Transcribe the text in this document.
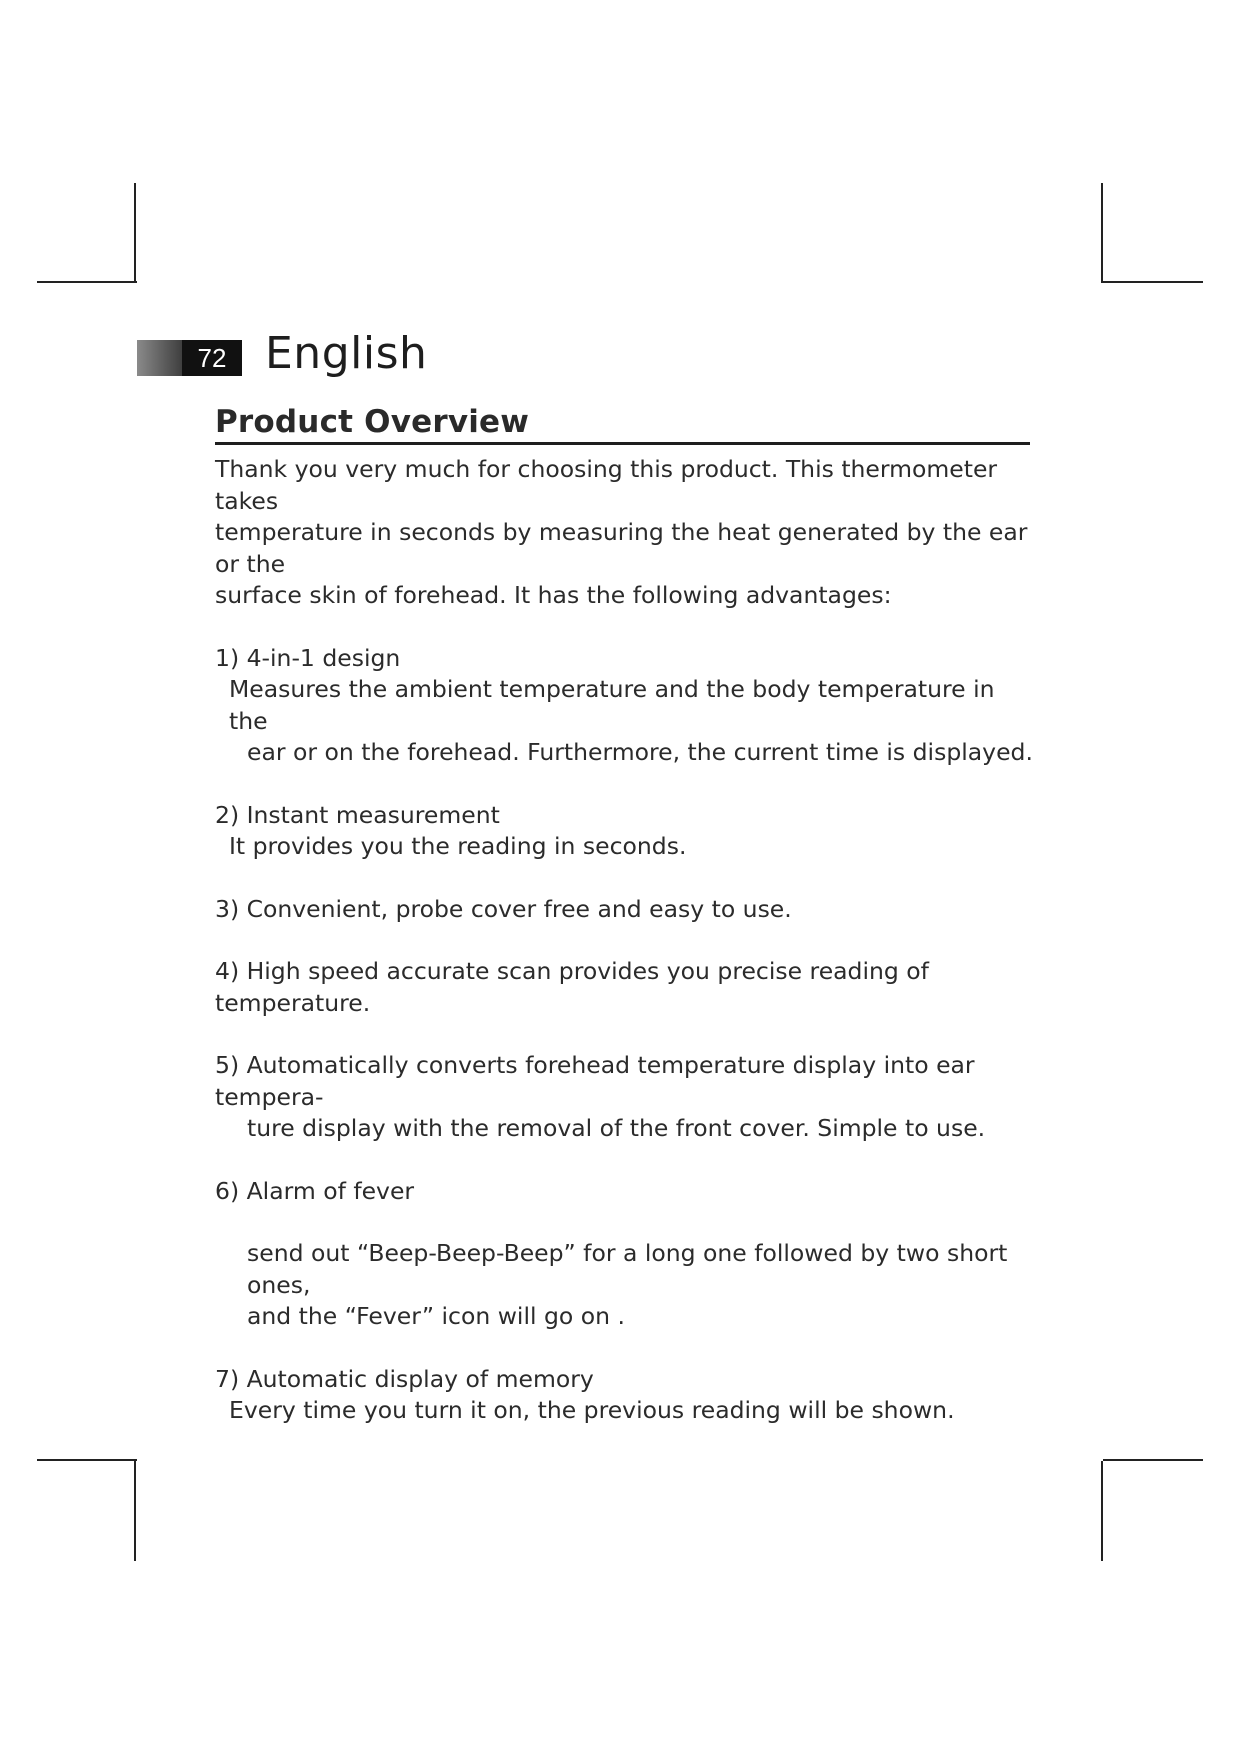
72 English
Product Overview

Thank you very much for choosing this product. This thermometer takes

temperature in seconds by measuring the heat generated by the ear or the

surface skin of forehead. It has the following advantages:

1) 4-in-1 design

Measures the ambient temperature and the body temperature in the

ear or on the forehead. Furthermore, the current time is displayed.

2) Instant measurement

It provides you the reading in seconds.

3) Convenient, probe cover free and easy to use.

4) High speed accurate scan provides you precise reading of temperature.

5) Automatically converts forehead temperature display into ear tempera-

ture display with the removal of the front cover. Simple to use.

6) Alarm of fever

send out “Beep-Beep-Beep” for a long one followed by two short ones,

and the “Fever” icon will go on .

7) Automatic display of memory

Every time you turn it on, the previous reading will be shown.
